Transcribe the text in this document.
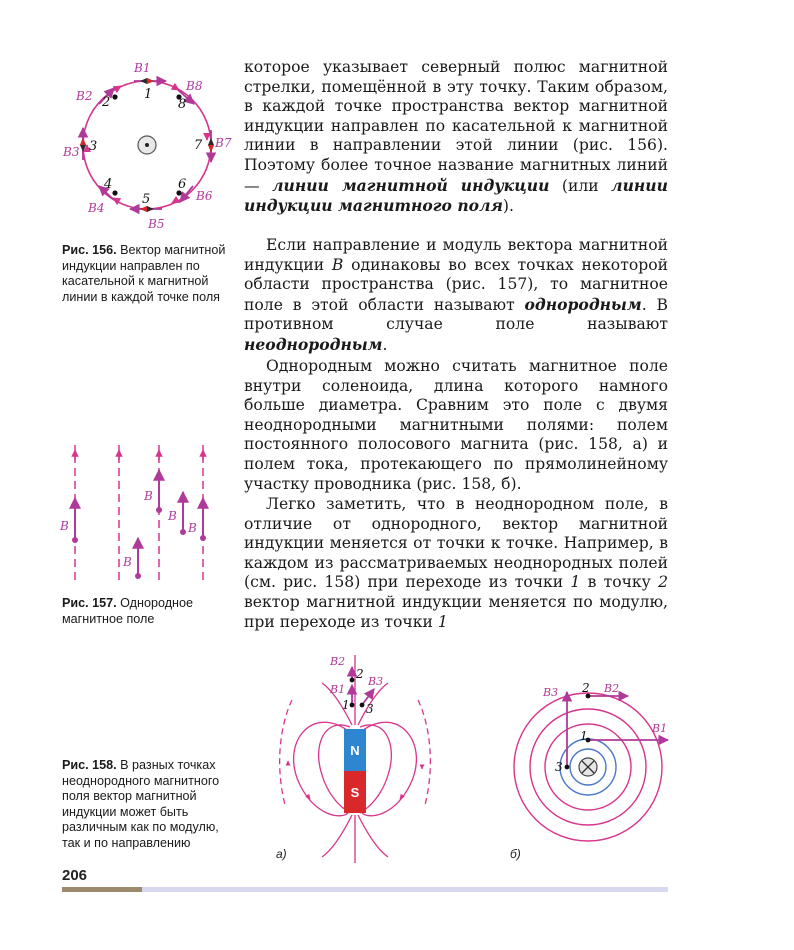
1
2
3
4
5
6
7
8
B1
B2
B3
B4
B5
B6
B7
B8
Рис. 156. Вектор магнитной индукции направлен по касательной к магнитной линии в каждой точке поля
B
B
B
B
B
Рис. 157. Однородное магнитное поле

которое указывает северный полюс магнитной стрелки, помещённой в эту точку. Таким образом, в каждой точке пространства вектор магнитной индукции направлен по касательной к магнитной линии в направлении этой линии (рис. 156). Поэтому более точное название магнитных линий — линии магнитной индукции (или линии индукции магнитного поля).

Если направление и модуль вектора магнитной индукции B одинаковы во всех точках некоторой области пространства (рис. 157), то магнитное поле в этой области называют однородным. В противном случае поле называют неоднородным.

Однородным можно считать магнитное поле внутри соленоида, длина которого намного больше диаметра. Сравним это поле с двумя неоднородными магнитными полями: полем постоянного полосового магнита (рис. 158, а) и полем тока, протекающего по прямолинейному участку проводника (рис. 158, б).

Легко заметить, что в неоднородном поле, в отличие от однородного, вектор магнитной индукции меняется от точки к точке. Например, в каждом из рассматриваемых неоднородных полей (см. рис. 158) при переходе из точки 1 в точку 2 вектор магнитной индукции меняется по модулю, при переходе из точки 1

Рис. 158. В разных точках неоднородного магнитного поля вектор магнитной индукции может быть различным как по модулю, так и по направлению
N
S
1
2
3
B1
B2
B3
а)
1
2
3
B1
B2
B3
б)
206
